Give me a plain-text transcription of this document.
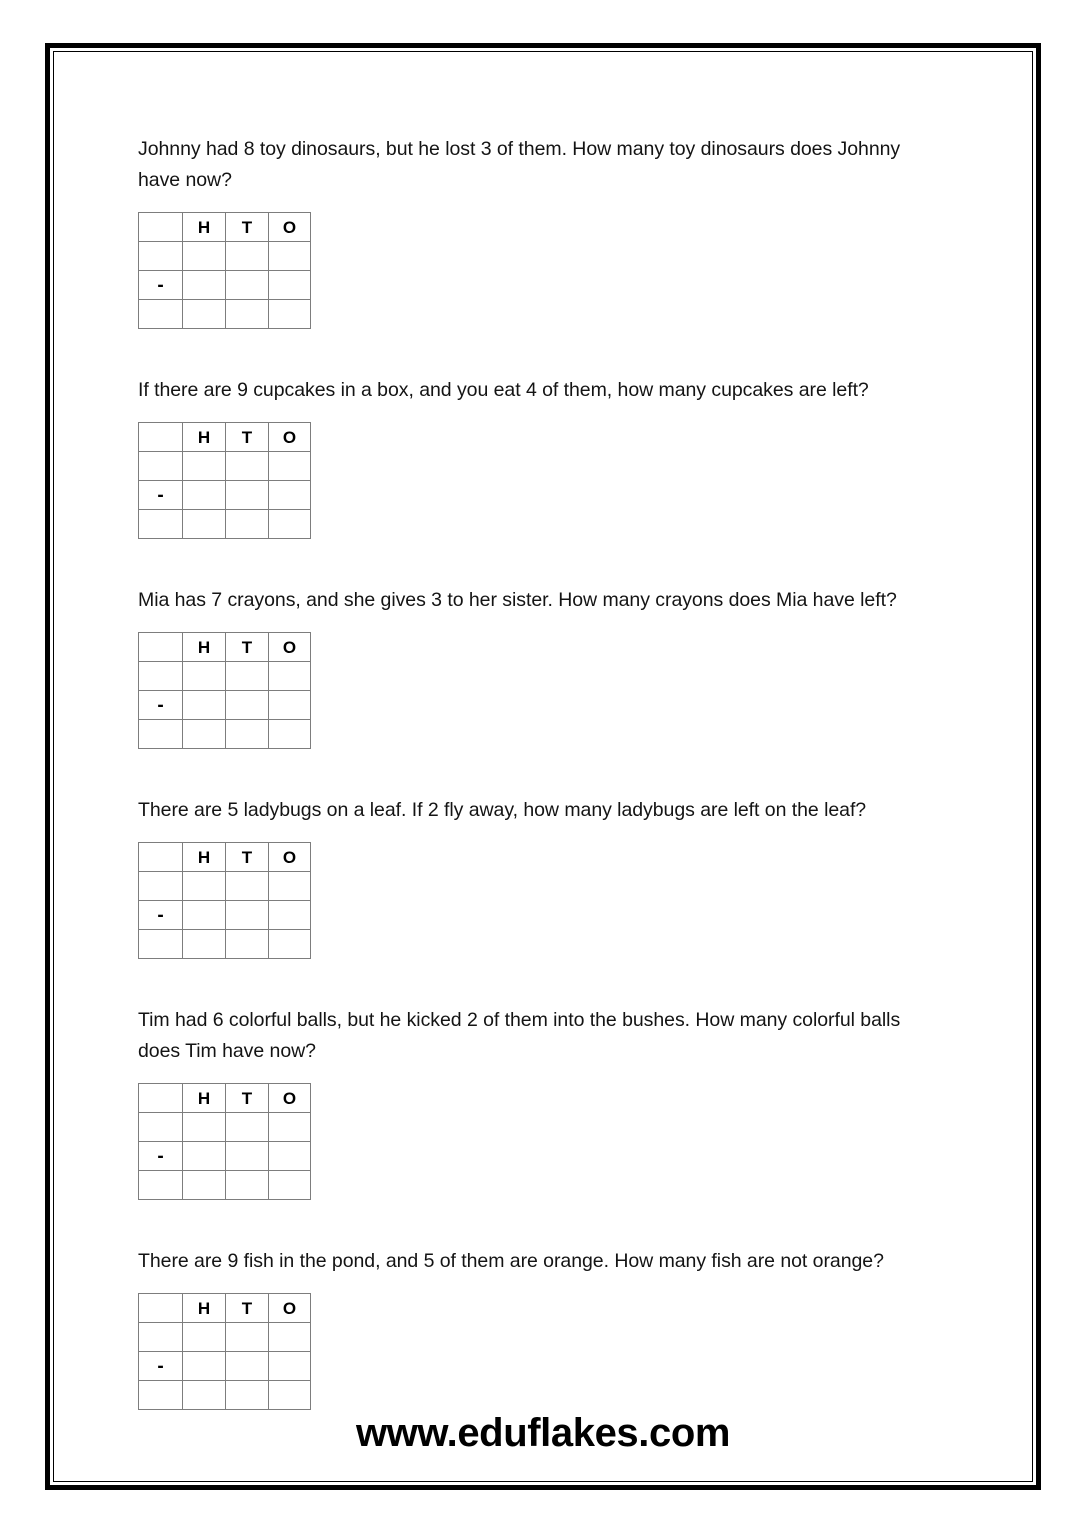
Johnny had 8 toy dinosaurs, but he lost 3 of them. How many toy dinosaurs does Johnny have now?

	H	T	O

-			

If there are 9 cupcakes in a box, and you eat 4 of them, how many cupcakes are left?

	H	T	O

-			

Mia has 7 crayons, and she gives 3 to her sister. How many crayons does Mia have left?

	H	T	O

-			

There are 5 ladybugs on a leaf. If 2 fly away, how many ladybugs are left on the leaf?

	H	T	O

-			

Tim had 6 colorful balls, but he kicked 2 of them into the bushes. How many colorful balls does Tim have now?

	H	T	O

-			

There are 9 fish in the pond, and 5 of them are orange. How many fish are not orange?

	H	T	O

-			

www.eduflakes.com
